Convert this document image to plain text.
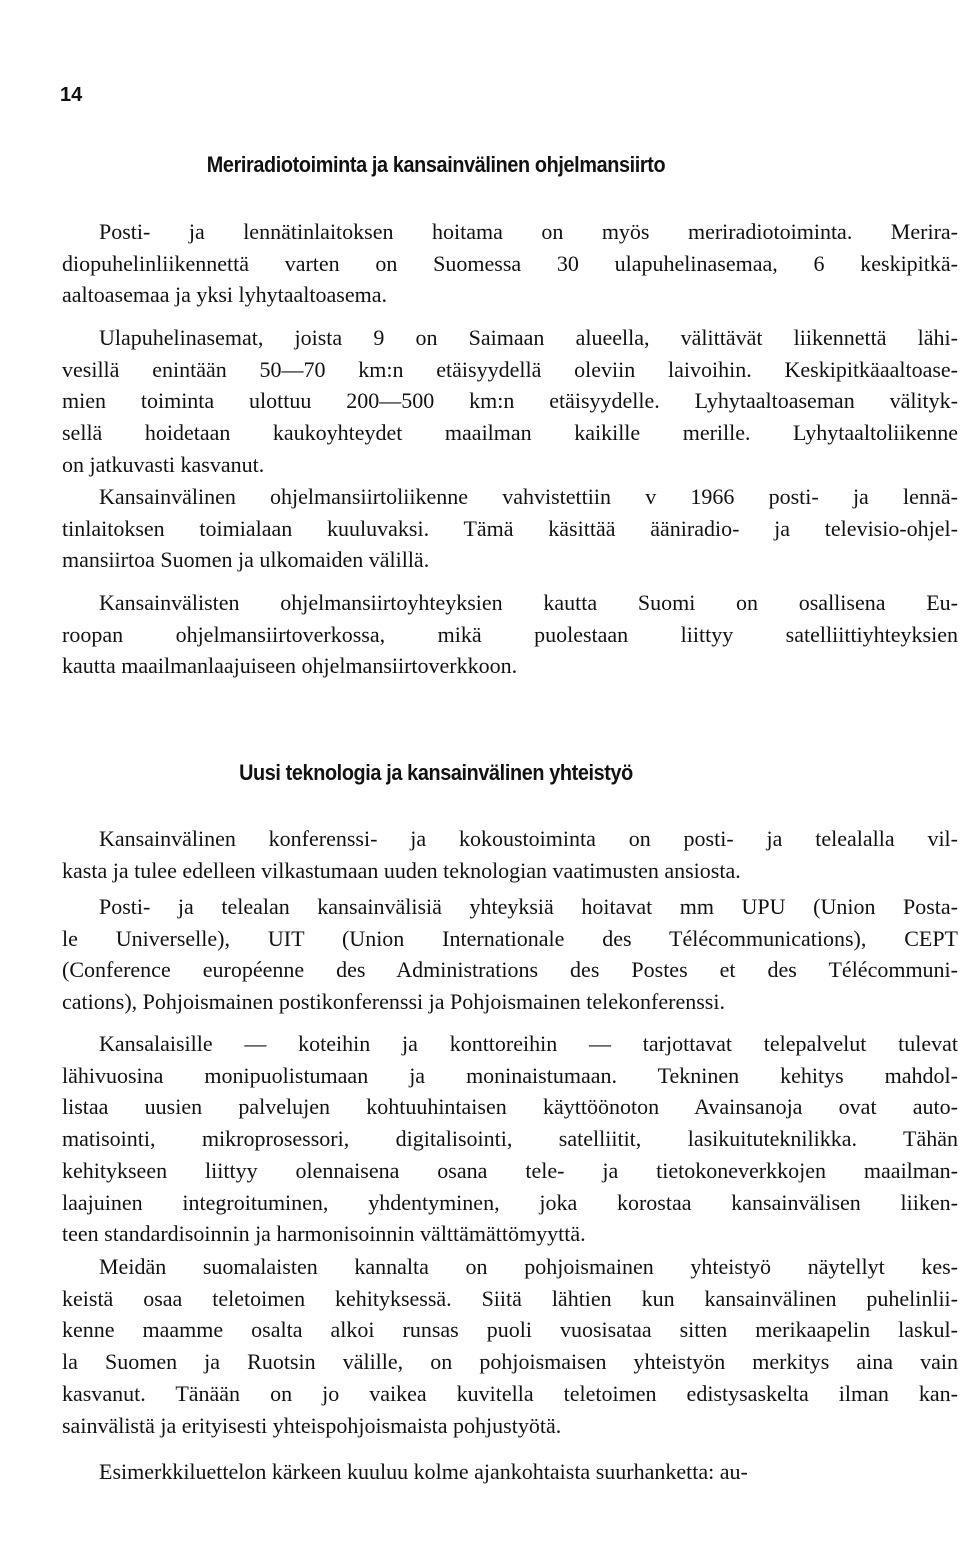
14
Meriradiotoiminta ja kansainvälinen ohjelmansiirto
Posti- ja lennätinlaitoksen hoitama on myös meriradiotoiminta. Merira-
diopuhelinliikennettä varten on Suomessa 30 ulapuhelinasemaa, 6 keskipitkä-
aaltoasemaa ja yksi lyhytaaltoasema.
Ulapuhelinasemat, joista 9 on Saimaan alueella, välittävät liikennettä lähi-
vesillä enintään 50—70 km:n etäisyydellä oleviin laivoihin. Keskipitkäaaltoase-
mien toiminta ulottuu 200—500 km:n etäisyydelle. Lyhytaaltoaseman välityk-
sellä hoidetaan kaukoyhteydet maailman kaikille merille. Lyhytaaltoliikenne
on jatkuvasti kasvanut.
Kansainvälinen ohjelmansiirtoliikenne vahvistettiin v 1966 posti- ja lennä-
tinlaitoksen toimialaan kuuluvaksi. Tämä käsittää ääniradio- ja televisio-ohjel-
mansiirtoa Suomen ja ulkomaiden välillä.
Kansainvälisten ohjelmansiirtoyhteyksien kautta Suomi on osallisena Eu-
roopan ohjelmansiirtoverkossa, mikä puolestaan liittyy satelliittiyhteyksien
kautta maailmanlaajuiseen ohjelmansiirtoverkkoon.
Uusi teknologia ja kansainvälinen yhteistyö
Kansainvälinen konferenssi- ja kokoustoiminta on posti- ja telealalla vil-
kasta ja tulee edelleen vilkastumaan uuden teknologian vaatimusten ansiosta.
Posti- ja telealan kansainvälisiä yhteyksiä hoitavat mm UPU (Union Posta-
le Universelle), UIT (Union Internationale des Télécommunications), CEPT
(Conference européenne des Administrations des Postes et des Télécommuni-
cations), Pohjoismainen postikonferenssi ja Pohjoismainen telekonferenssi.
Kansalaisille — koteihin ja konttoreihin — tarjottavat telepalvelut tulevat
lähivuosina monipuolistumaan ja moninaistumaan. Tekninen kehitys mahdol-
listaa uusien palvelujen kohtuuhintaisen käyttöönoton Avainsanoja ovat auto-
matisointi, mikroprosessori, digitalisointi, satelliitit, lasikuituteknilikka. Tähän
kehitykseen liittyy olennaisena osana tele- ja tietokoneverkkojen maailman-
laajuinen integroituminen, yhdentyminen, joka korostaa kansainvälisen liiken-
teen standardisoinnin ja harmonisoinnin välttämättömyyttä.
Meidän suomalaisten kannalta on pohjoismainen yhteistyö näytellyt kes-
keistä osaa teletoimen kehityksessä. Siitä lähtien kun kansainvälinen puhelinlii-
kenne maamme osalta alkoi runsas puoli vuosisataa sitten merikaapelin laskul-
la Suomen ja Ruotsin välille, on pohjoismaisen yhteistyön merkitys aina vain
kasvanut. Tänään on jo vaikea kuvitella teletoimen edistysaskelta ilman kan-
sainvälistä ja erityisesti yhteispohjoismaista pohjustyötä.
Esimerkkiluettelon kärkeen kuuluu kolme ajankohtaista suurhanketta: au-
